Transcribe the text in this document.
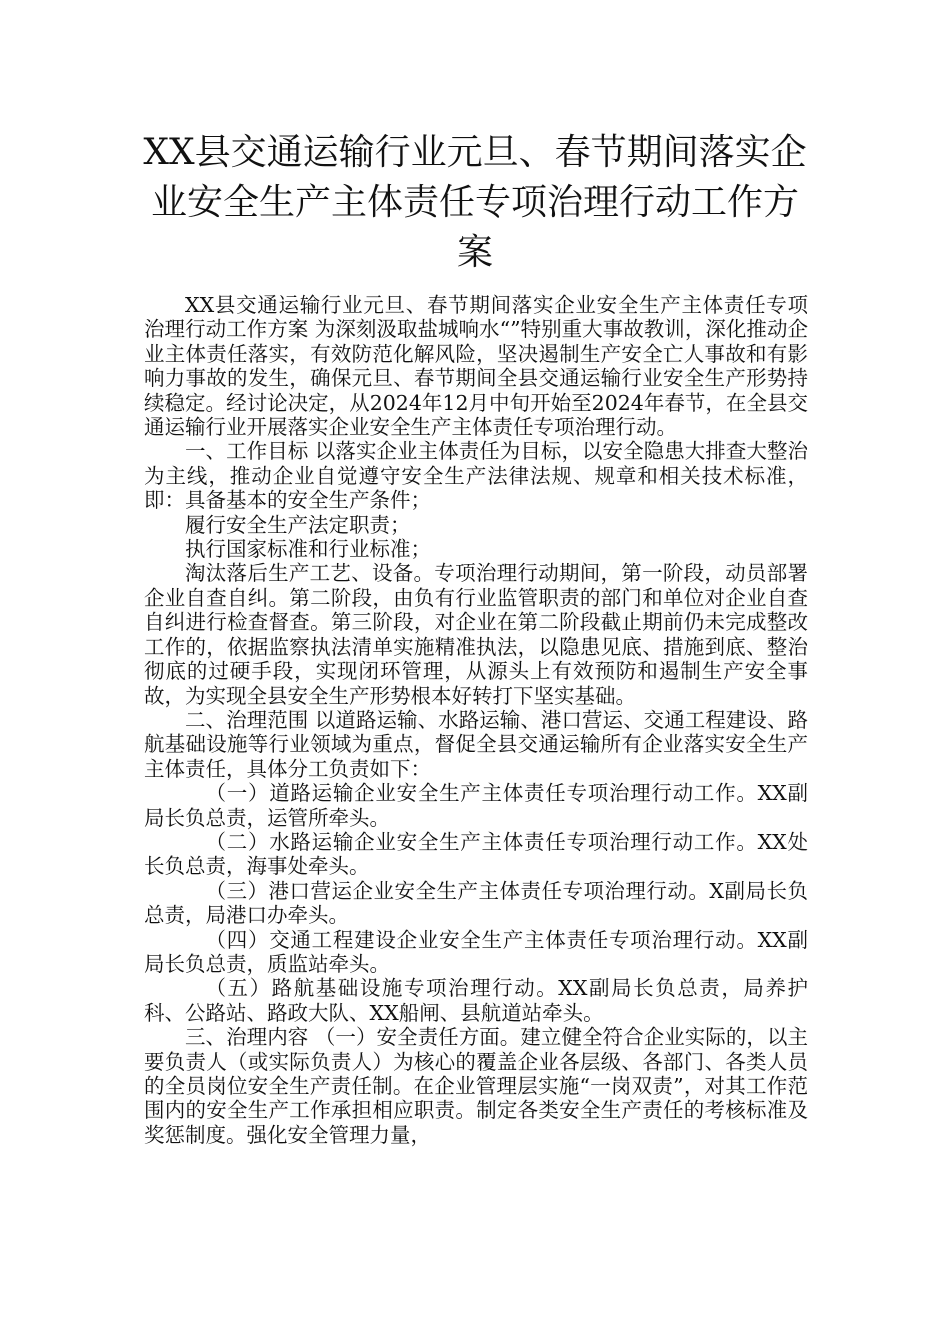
XX县交通运输行业元旦、春节期间落实企业安全生产主体责任专项治理行动工作方案

XX县交通运输行业元旦、春节期间落实企业安全生产主体责任专项治理行动工作方案 为深刻汲取盐城响水“”特别重大事故教训，深化推动企业主体责任落实，有效防范化解风险，坚决遏制生产安全亡人事故和有影响力事故的发生，确保元旦、春节期间全县交通运输行业安全生产形势持续稳定。经讨论决定，从2024年12月中旬开始至2024年春节，在全县交通运输行业开展落实企业安全生产主体责任专项治理行动。

一、工作目标 以落实企业主体责任为目标，以安全隐患大排查大整治为主线，推动企业自觉遵守安全生产法律法规、规章和相关技术标准，即：具备基本的安全生产条件；

履行安全生产法定职责；

执行国家标准和行业标准；

淘汰落后生产工艺、设备。专项治理行动期间，第一阶段，动员部署企业自查自纠。第二阶段，由负有行业监管职责的部门和单位对企业自查自纠进行检查督查。第三阶段，对企业在第二阶段截止期前仍未完成整改工作的，依据监察执法清单实施精准执法，以隐患见底、措施到底、整治彻底的过硬手段，实现闭环管理，从源头上有效预防和遏制生产安全事故，为实现全县安全生产形势根本好转打下坚实基础。

二、治理范围 以道路运输、水路运输、港口营运、交通工程建设、路航基础设施等行业领域为重点，督促全县交通运输所有企业落实安全生产主体责任，具体分工负责如下：

（一）道路运输企业安全生产主体责任专项治理行动工作。XX副局长负总责，运管所牵头。

（二）水路运输企业安全生产主体责任专项治理行动工作。XX处长负总责，海事处牵头。

（三）港口营运企业安全生产主体责任专项治理行动。X副局长负总责，局港口办牵头。

（四）交通工程建设企业安全生产主体责任专项治理行动。XX副局长负总责，质监站牵头。

（五）路航基础设施专项治理行动。XX副局长负总责，局养护科、公路站、路政大队、XX船闸、县航道站牵头。

三、治理内容 （一）安全责任方面。建立健全符合企业实际的，以主要负责人（或实际负责人）为核心的覆盖企业各层级、各部门、各类人员的全员岗位安全生产责任制。在企业管理层实施“一岗双责”，对其工作范围内的安全生产工作承担相应职责。制定各类安全生产责任的考核标准及奖惩制度。强化安全管理力量，
